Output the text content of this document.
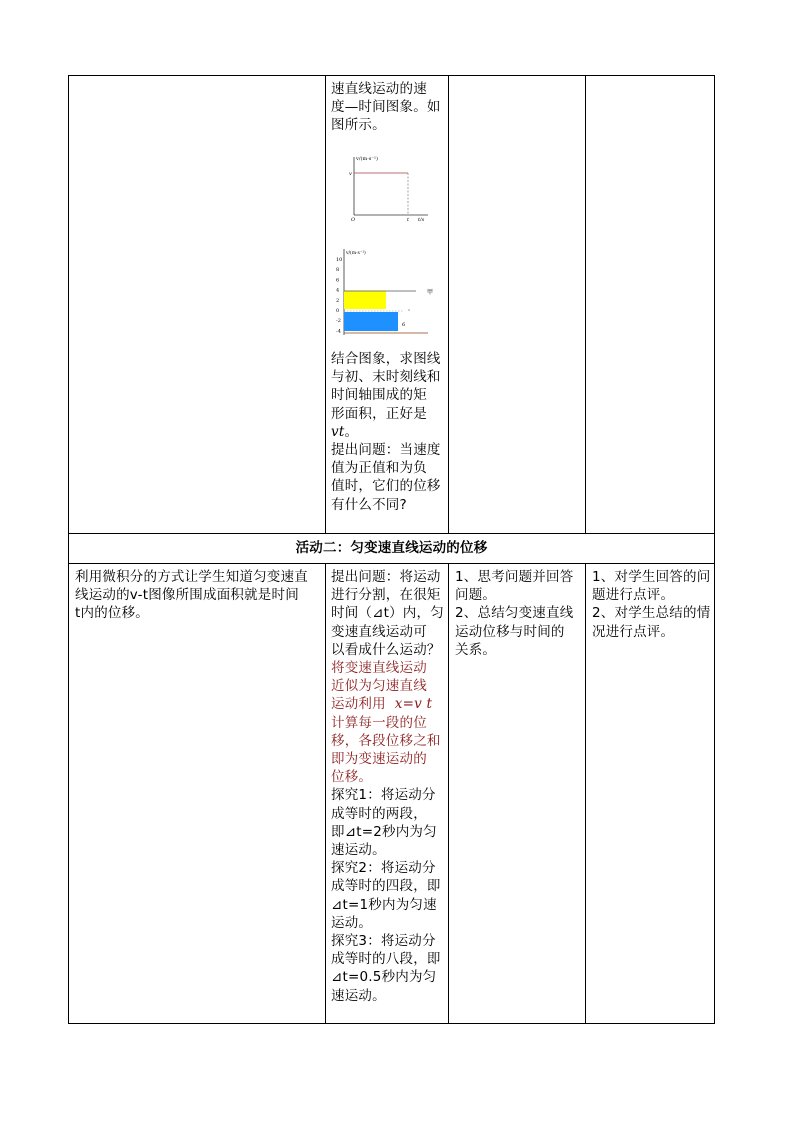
速直线运动的速
度—时间图象。如
图所示。
v/(m·s⁻¹)
v
O	t t/s
v/(m·s⁻¹)
10
8
6
4
2
0
-2
-4
甲
6
结合图象，求图线
与初、末时刻线和
时间轴围成的矩
形面积，正好是vt。
提出问题：当速度
值为正值和为负
值时，它们的位移
有什么不同?
活动二：匀变速直线运动的位移
利用微积分的方式让学生知道匀变速直
线运动的v-t图像所围成面积就是时间
t内的位移。
提出问题：将运动
进行分割，在很矩
时间（⊿t）内，匀
变速直线运动可
以看成什么运动？
将变速直线运动
近似为匀速直线
运动利用 x=v t
计算每一段的位
移，各段位移之和
即为变速运动的
位移。
探究1：将运动分
成等时的两段，
即⊿t=2秒内为匀
速运动。
探究2：将运动分
成等时的四段，即
⊿t=1秒内为匀速
运动。
探究3：将运动分
成等时的八段，即
⊿t=0.5秒内为匀
速运动。
1、思考问题并回答
问题。
2、总结匀变速直线
运动位移与时间的
关系。
1、对学生回答的问
题进行点评。
2、对学生总结的情
况进行点评。
